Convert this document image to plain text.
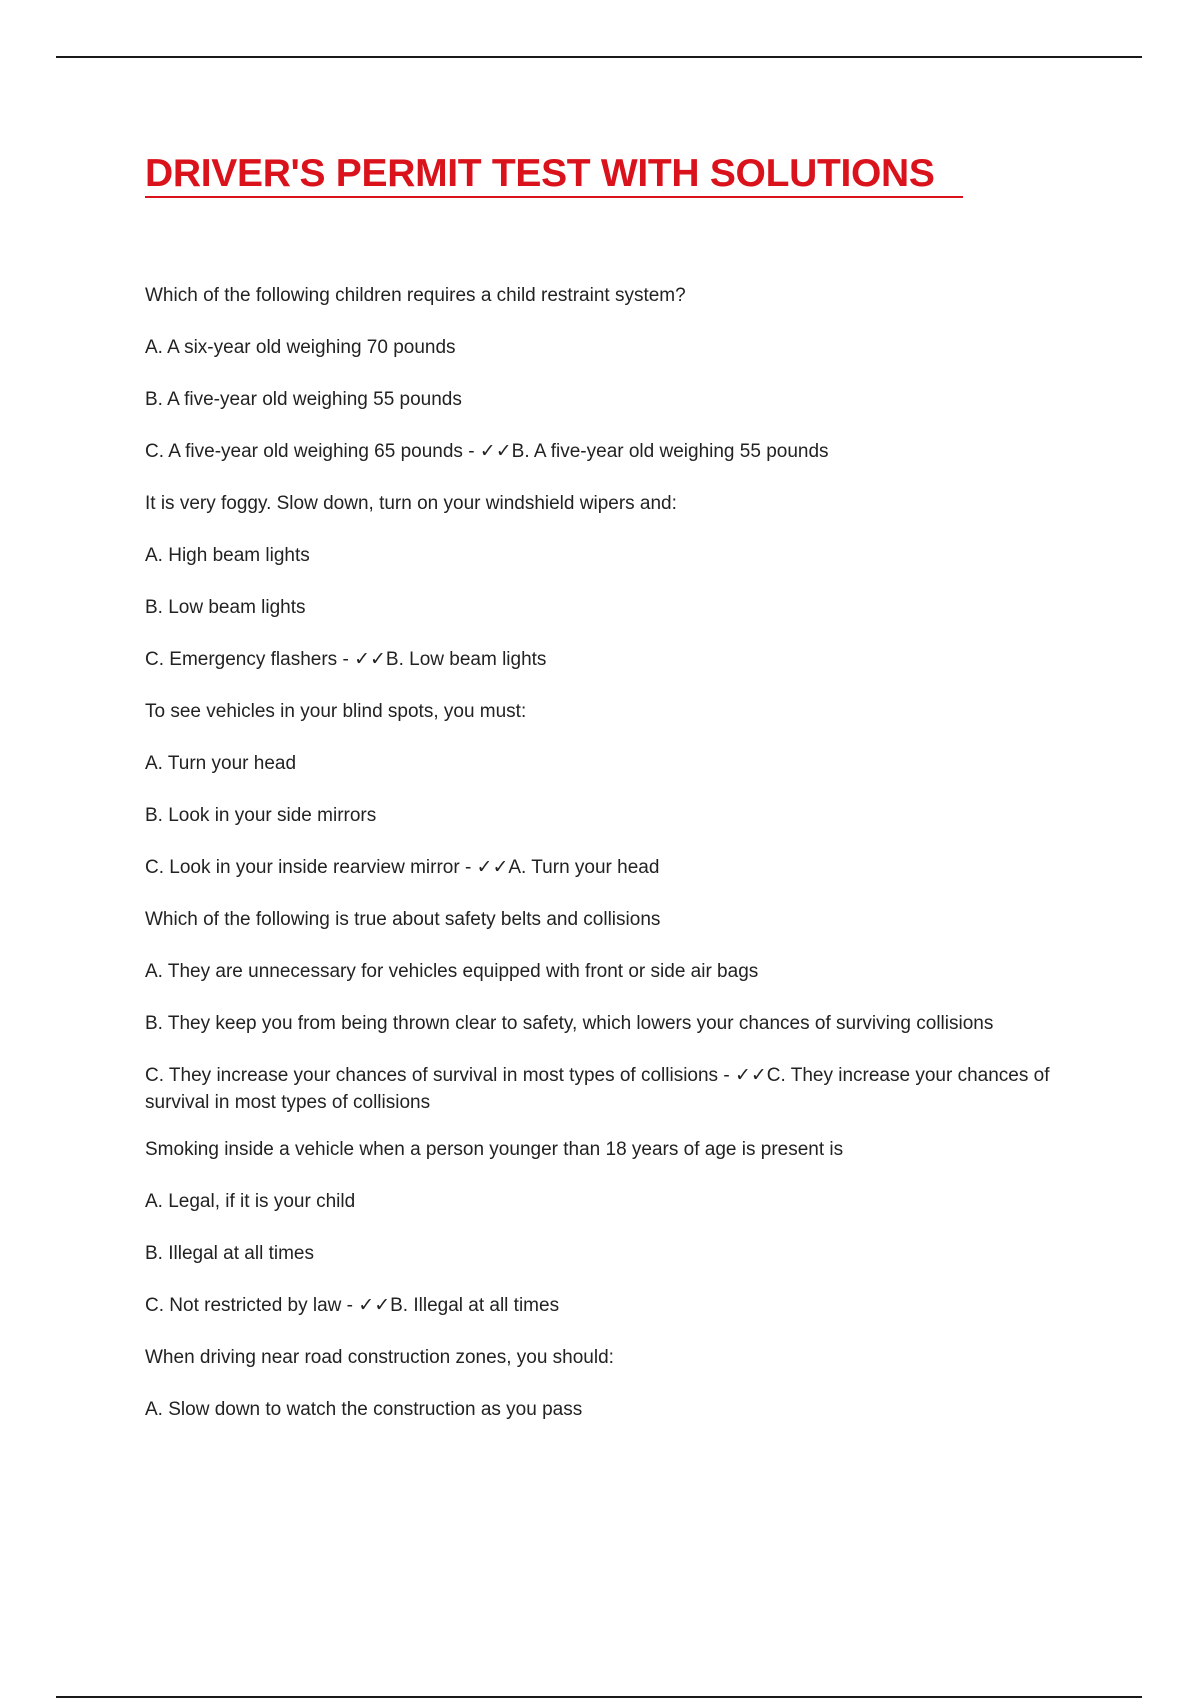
DRIVER'S PERMIT TEST WITH SOLUTIONS
Which of the following children requires a child restraint system?
A. A six-year old weighing 70 pounds
B. A five-year old weighing 55 pounds
C. A five-year old weighing 65 pounds - ✓✓B. A five-year old weighing 55 pounds
It is very foggy. Slow down, turn on your windshield wipers and:
A. High beam lights
B. Low beam lights
C. Emergency flashers - ✓✓B. Low beam lights
To see vehicles in your blind spots, you must:
A. Turn your head
B. Look in your side mirrors
C. Look in your inside rearview mirror - ✓✓A. Turn your head
Which of the following is true about safety belts and collisions
A. They are unnecessary for vehicles equipped with front or side air bags
B. They keep you from being thrown clear to safety, which lowers your chances of surviving collisions
C. They increase your chances of survival in most types of collisions - ✓✓C. They increase your chances of survival in most types of collisions
Smoking inside a vehicle when a person younger than 18 years of age is present is
A. Legal, if it is your child
B. Illegal at all times
C. Not restricted by law - ✓✓B. Illegal at all times
When driving near road construction zones, you should:
A. Slow down to watch the construction as you pass
